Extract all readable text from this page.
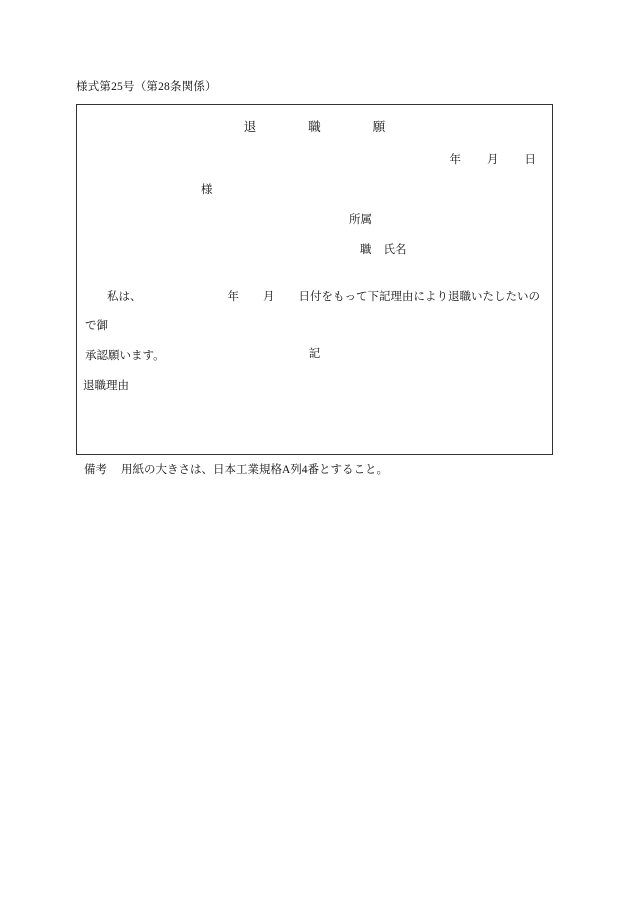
様式第25号（第28条関係）
退	職	願
年 月 日
様
所属
職 氏名
私は、	年 月 日付をもって下記理由により退職いたしたいので御
承認願います。	記
退職理由
備考 用紙の大きさは、日本工業規格A列4番とすること。
